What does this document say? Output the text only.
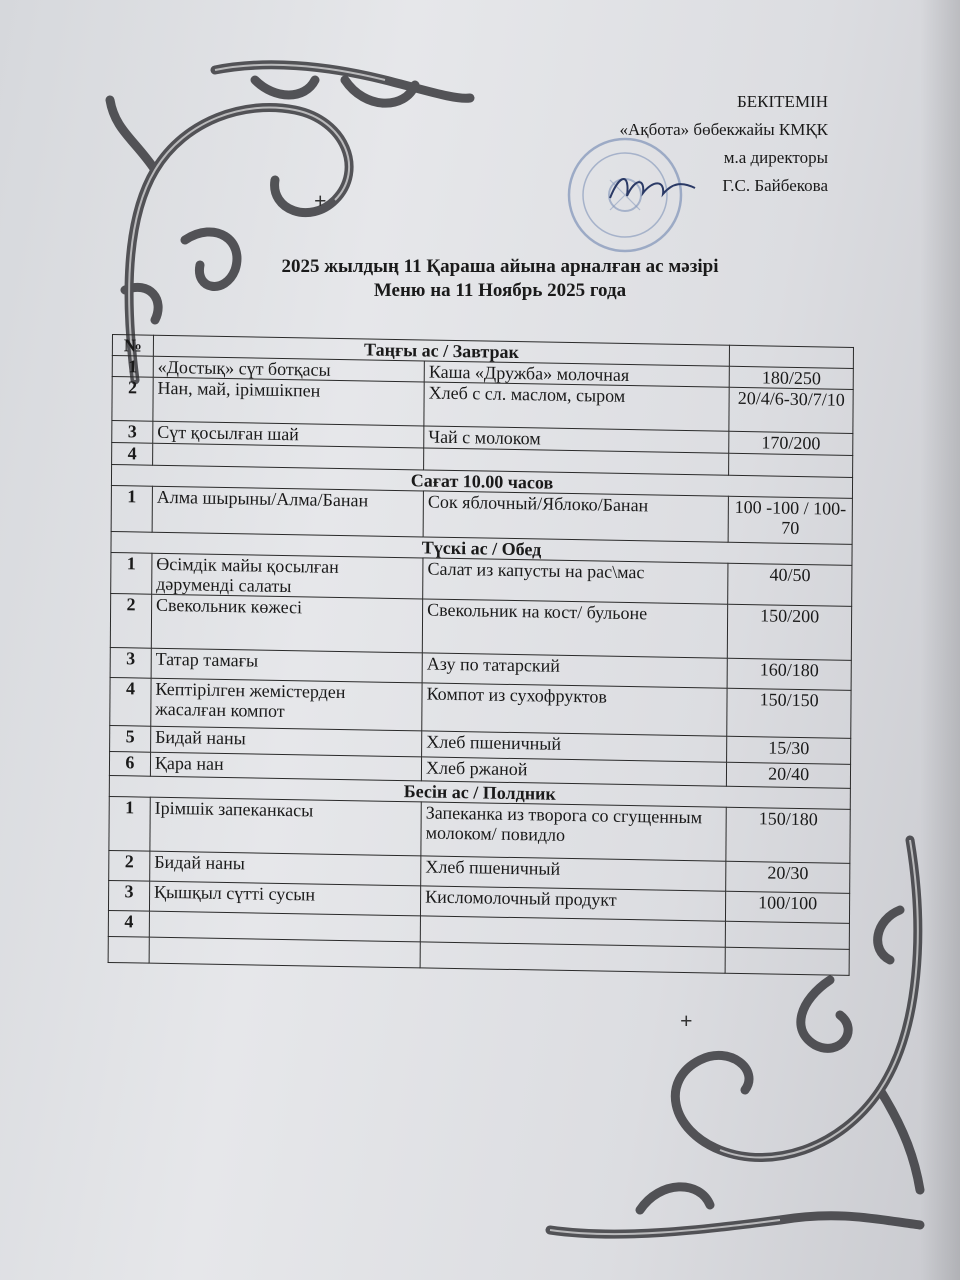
БЕКІТЕМІН
«Ақбота» бөбекжайы КМҚК
м.а директоры
Г.С. Байбекова
+
+
2025 жылдың 11 Қараша айына арналған ас мәзірі
Меню на 11 Ноябрь 2025 года
№	Таңғы ас / Завтрак		
1	«Достық» сүт ботқасы	Каша «Дружба» молочная	180/250
2	Нан, май, ірімшікпен	Хлеб с сл. маслом, сыром	20/4/6-30/7/10
3	Сүт қосылған шай	Чай с молоком	170/200
4			
Сағат 10.00 часов			
1	Алма шырыны/Алма/Банан	Сок яблочный/Яблоко/Банан	100 -100 / 100-70
Түскі ас / Обед			
1	Өсімдік майы қосылған дәруменді салаты	Салат из капусты на рас\мас	40/50
2	Свекольник көжесі	Свекольник на кост/ бульоне	150/200
3	Татар тамағы	Азу по татарский	160/180
4	Кептірілген жемістерден жасалған компот	Компот из сухофруктов	150/150
5	Бидай наны	Хлеб пшеничный	15/30
6	Қара нан	Хлеб ржаной	20/40
Бесін ас / Полдник			
1	Ірімшік запеканкасы	Запеканка из творога со сгущенным молоком/ повидло	150/180
2	Бидай наны	Хлеб пшеничный	20/30
3	Қышқыл сүтті сусын	Кисломолочный продукт	100/100
4			
